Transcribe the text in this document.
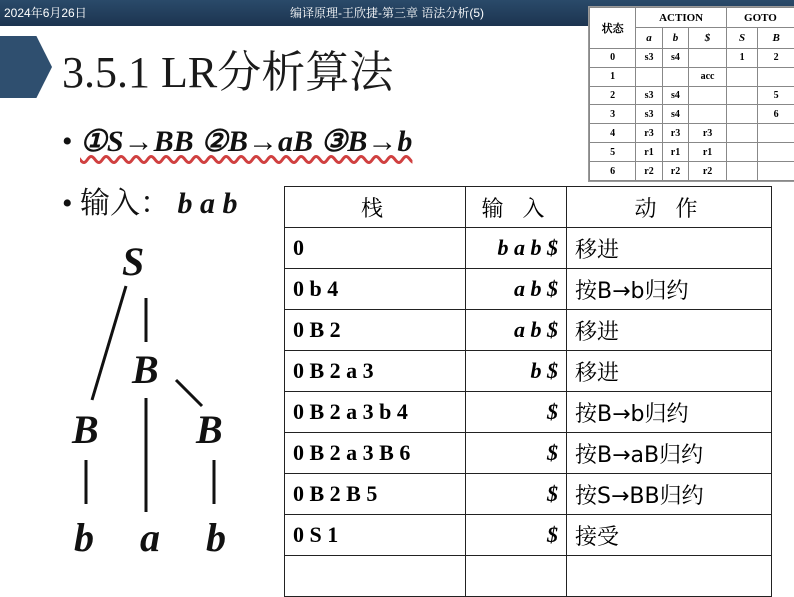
2024年6月26日	编译原理-王欣捷-第三章 语法分析(5)
3.5.1 LR分析算法
• ①S→BB ②B→aB ③B→b
• 输入： b a b
状态	ACTION			GOTO	
	a	b	$	S	B
0	s3	s4		1	2
1			acc		
2	s3	s4			5
3	s3	s4			6
4	r3	r3	r3		
5	r1	r1	r1		
6	r2	r2	r2		
栈	输 入	动 作
0	b a b $	移进
0 b 4	a b $	按B→b归约
0 B 2	a b $	移进
0 B 2 a 3	b $	移进
0 B 2 a 3 b 4	$	按B→b归约
0 B 2 a 3 B 6	$	按B→aB归约
0 B 2 B 5	$	按S→BB归约
0 S 1	$	接受

S
B
B B
b a b
